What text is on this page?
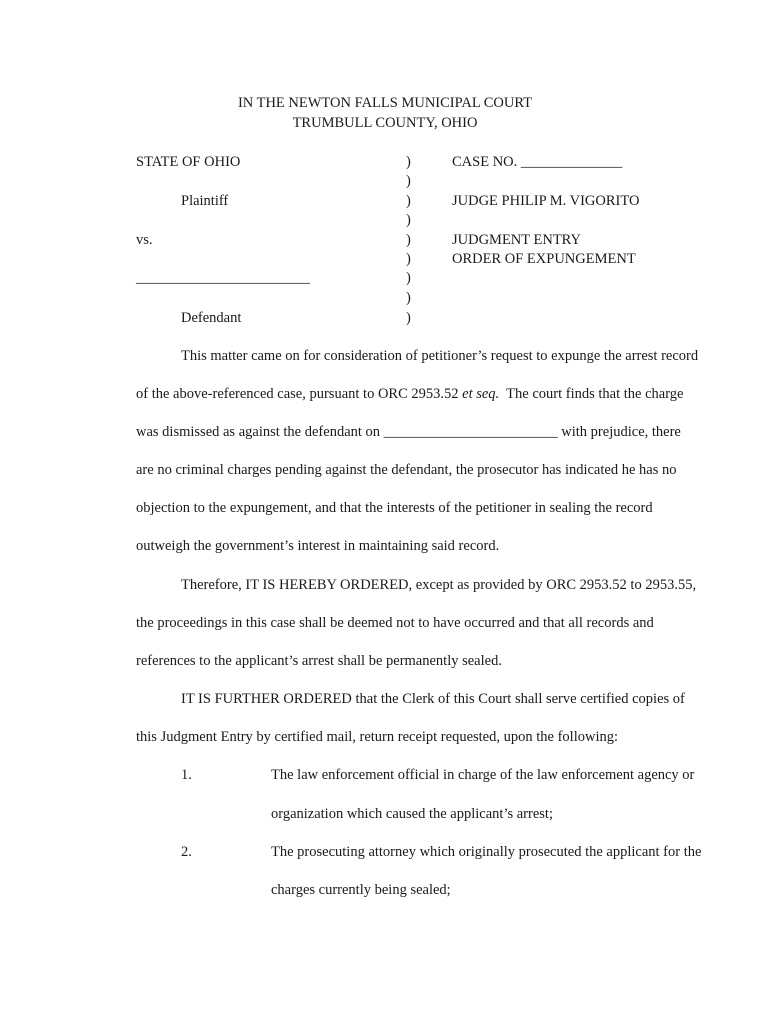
IN THE NEWTON FALLS MUNICIPAL COURT
TRUMBULL COUNTY, OHIO
STATE OF OHIO
Plaintiff
vs.
________________________
Defendant
)
)
)
)
)
)
)
)
)
CASE NO. ______________
JUDGE PHILIP M. VIGORITO
JUDGMENT ENTRY
ORDER OF EXPUNGEMENT
This matter came on for consideration of petitioner’s request to expunge the arrest record
of the above-referenced case, pursuant to ORC 2953.52 et seq.  The court finds that the charge
was dismissed as against the defendant on ________________________ with prejudice, there
are no criminal charges pending against the defendant, the prosecutor has indicated he has no
objection to the expungement, and that the interests of the petitioner in sealing the record
outweigh the government’s interest in maintaining said record.
Therefore, IT IS HEREBY ORDERED, except as provided by ORC 2953.52 to 2953.55,
the proceedings in this case shall be deemed not to have occurred and that all records and
references to the applicant’s arrest shall be permanently sealed.
IT IS FURTHER ORDERED that the Clerk of this Court shall serve certified copies of
this Judgment Entry by certified mail, return receipt requested, upon the following:
1.	The law enforcement official in charge of the law enforcement agency or
organization which caused the applicant’s arrest;
2.	The prosecuting attorney which originally prosecuted the applicant for the
charges currently being sealed;
